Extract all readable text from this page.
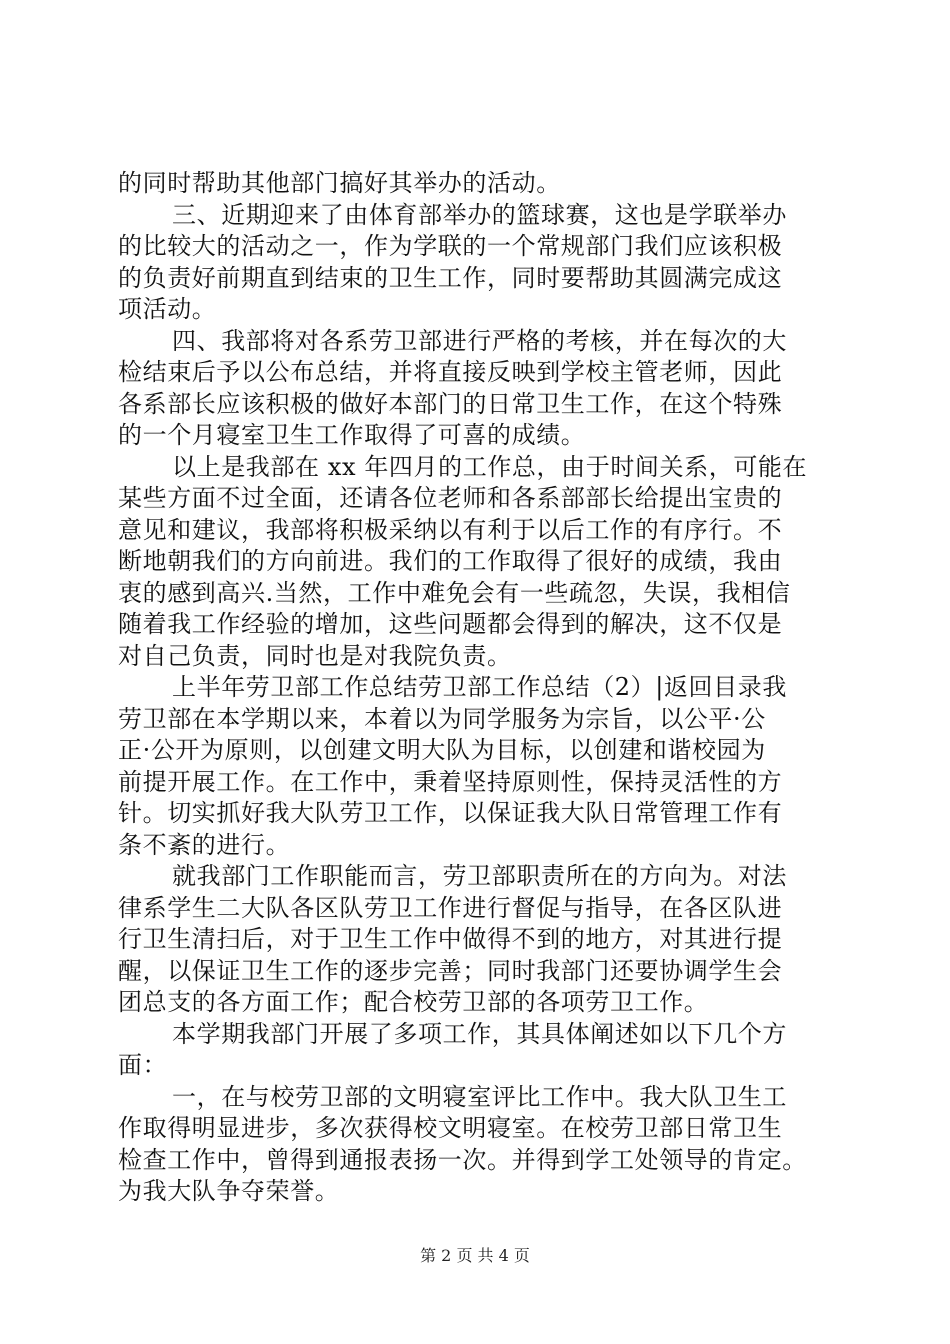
的同时帮助其他部门搞好其举办的活动。
三、近期迎来了由体育部举办的篮球赛，这也是学联举办
的比较大的活动之一，作为学联的一个常规部门我们应该积极
的负责好前期直到结束的卫生工作，同时要帮助其圆满完成这
项活动。
四、我部将对各系劳卫部进行严格的考核，并在每次的大
检结束后予以公布总结，并将直接反映到学校主管老师，因此
各系部长应该积极的做好本部门的日常卫生工作，在这个特殊
的一个月寝室卫生工作取得了可喜的成绩。
以上是我部在 xx 年四月的工作总，由于时间关系，可能在
某些方面不过全面，还请各位老师和各系部部长给提出宝贵的
意见和建议，我部将积极采纳以有利于以后工作的有序行。不
断地朝我们的方向前进。我们的工作取得了很好的成绩，我由
衷的感到高兴.当然，工作中难免会有一些疏忽，失误，我相信
随着我工作经验的增加，这些问题都会得到的解决，这不仅是
对自己负责，同时也是对我院负责。
上半年劳卫部工作总结劳卫部工作总结（2）|返回目录我
劳卫部在本学期以来，本着以为同学服务为宗旨，以公平·公
正·公开为原则，以创建文明大队为目标，以创建和谐校园为
前提开展工作。在工作中，秉着坚持原则性，保持灵活性的方
针。切实抓好我大队劳卫工作，以保证我大队日常管理工作有
条不紊的进行。
就我部门工作职能而言，劳卫部职责所在的方向为。对法
律系学生二大队各区队劳卫工作进行督促与指导，在各区队进
行卫生清扫后，对于卫生工作中做得不到的地方，对其进行提
醒，以保证卫生工作的逐步完善；同时我部门还要协调学生会
团总支的各方面工作；配合校劳卫部的各项劳卫工作。
本学期我部门开展了多项工作，其具体阐述如以下几个方
面：
一，在与校劳卫部的文明寝室评比工作中。我大队卫生工
作取得明显进步，多次获得校文明寝室。在校劳卫部日常卫生
检查工作中，曾得到通报表扬一次。并得到学工处领导的肯定。
为我大队争夺荣誉。
第 2 页 共 4 页
